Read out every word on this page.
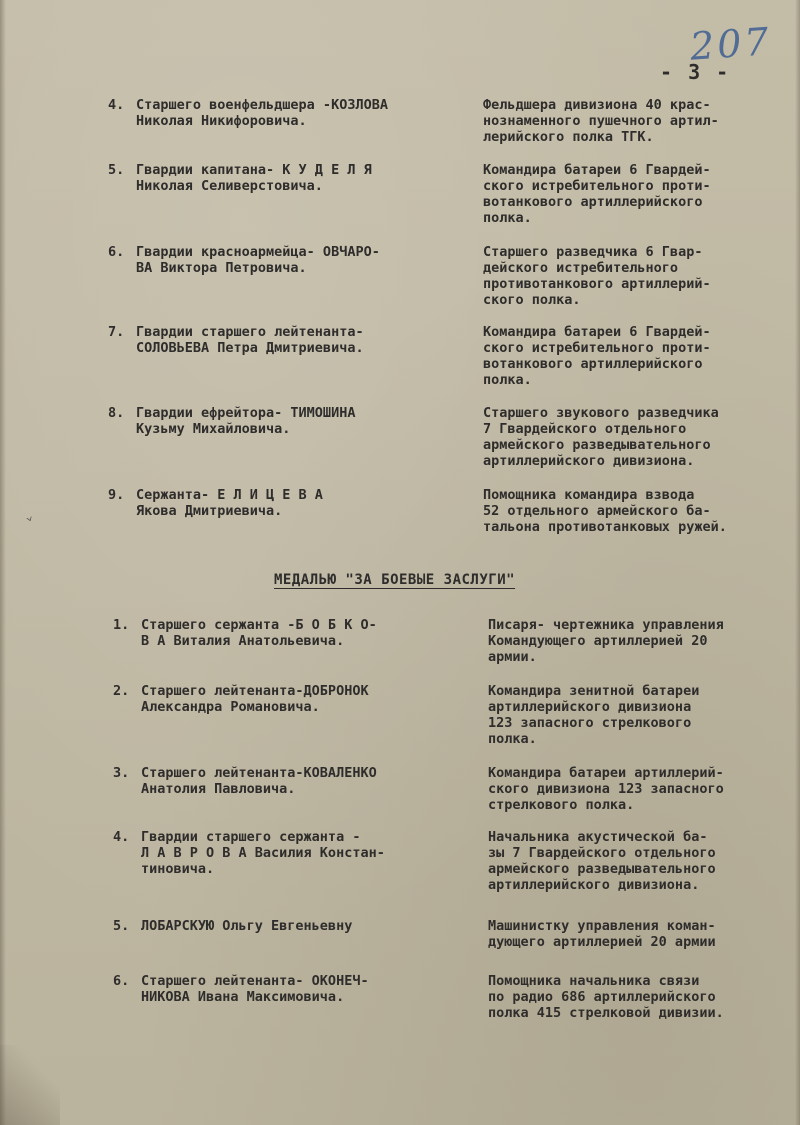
⌄
207
- 3 -
4. Старшего военфельдшера -КОЗЛОВА
Николая Никифоровича.
Фельдшера дивизиона 40 крас-
нознаменного пушечного артил-
лерийского полка ТГК.
5. Гвардии капитана- К У Д Е Л Я
Николая Селиверстовича.
Командира батареи 6 Гвардей-
ского истребительного проти-
вотанкового артиллерийского
полка.
6. Гвардии красноармейца- ОВЧАРО-
ВА Виктора Петровича.
Старшего разведчика 6 Гвар-
дейского истребительного
противотанкового артиллерий-
ского полка.
7. Гвардии старшего лейтенанта-
СОЛОВЬЕВА Петра Дмитриевича.
Командира батареи 6 Гвардей-
ского истребительного проти-
вотанкового артиллерийского
полка.
8. Гвардии ефрейтора- ТИМОШИНА
Кузьму Михайловича.
Старшего звукового разведчика
7 Гвардейского отдельного
армейского разведывательного
артиллерийского дивизиона.
9. Сержанта- Е Л И Ц Е В А
Якова Дмитриевича.
Помощника командира взвода
52 отдельного армейского ба-
тальона противотанковых ружей.
МЕДАЛЬЮ "ЗА БОЕВЫЕ ЗАСЛУГИ"
1. Старшего сержанта -Б О Б К О-
В А Виталия Анатольевича.
Писаря- чертежника управления
Командующего артиллерией 20
армии.
2. Старшего лейтенанта-ДОБРОНОК
Александра Романовича.
Командира зенитной батареи
артиллерийского дивизиона
123 запасного стрелкового
полка.
3. Старшего лейтенанта-КОВАЛЕНКО
Анатолия Павловича.
Командира батареи артиллерий-
ского дивизиона 123 запасного
стрелкового полка.
4. Гвардии старшего сержанта -
Л А В Р О В А Василия Констан-
тиновича.
Начальника акустической ба-
зы 7 Гвардейского отдельного
армейского разведывательного
артиллерийского дивизиона.
5. ЛОБАРСКУЮ Ольгу Евгеньевну	Машинистку управления коман-
дующего артиллерией 20 армии
6. Старшего лейтенанта- ОКОНЕЧ-
НИКОВА Ивана Максимовича.
Помощника начальника связи
по радио 686 артиллерийского
полка 415 стрелковой дивизии.
